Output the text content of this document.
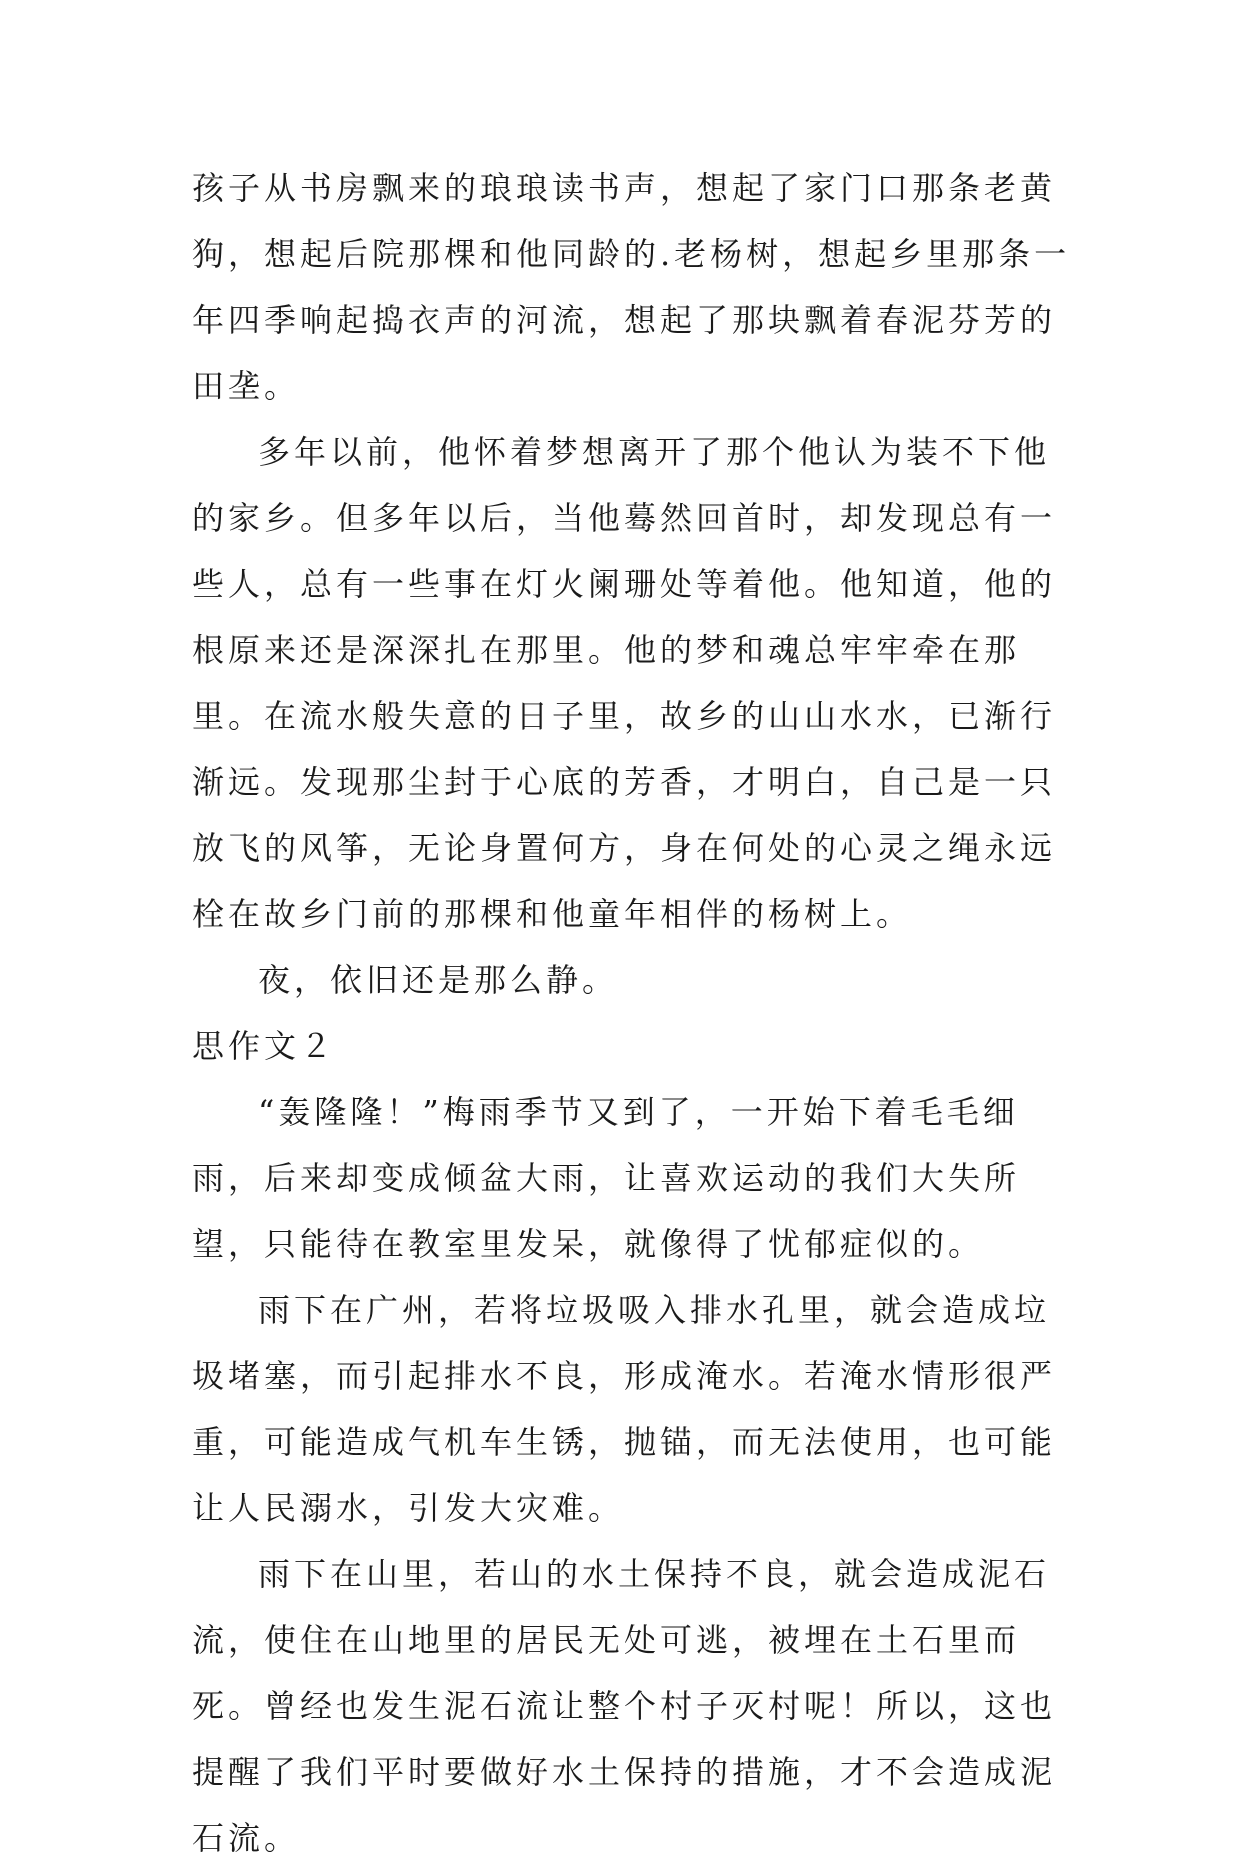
孩子从书房飘来的琅琅读书声，想起了家门口那条老黄狗，想起后院那棵和他同龄的.老杨树，想起乡里那条一年四季响起捣衣声的河流，想起了那块飘着春泥芬芳的田垄。

多年以前，他怀着梦想离开了那个他认为装不下他的家乡。但多年以后，当他蓦然回首时，却发现总有一些人，总有一些事在灯火阑珊处等着他。他知道，他的根原来还是深深扎在那里。他的梦和魂总牢牢牵在那里。在流水般失意的日子里，故乡的山山水水，已渐行渐远。发现那尘封于心底的芳香，才明白，自己是一只放飞的风筝，无论身置何方，身在何处的心灵之绳永远栓在故乡门前的那棵和他童年相伴的杨树上。

夜，依旧还是那么静。

思作文２

“轰隆隆！”梅雨季节又到了，一开始下着毛毛细雨，后来却变成倾盆大雨，让喜欢运动的我们大失所望，只能待在教室里发呆，就像得了忧郁症似的。

雨下在广州，若将垃圾吸入排水孔里，就会造成垃圾堵塞，而引起排水不良，形成淹水。若淹水情形很严重，可能造成气机车生锈，抛锚，而无法使用，也可能让人民溺水，引发大灾难。

雨下在山里，若山的水土保持不良，就会造成泥石流，使住在山地里的居民无处可逃，被埋在土石里而死。曾经也发生泥石流让整个村子灭村呢！所以，这也提醒了我们平时要做好水土保持的措施，才不会造成泥石流。
